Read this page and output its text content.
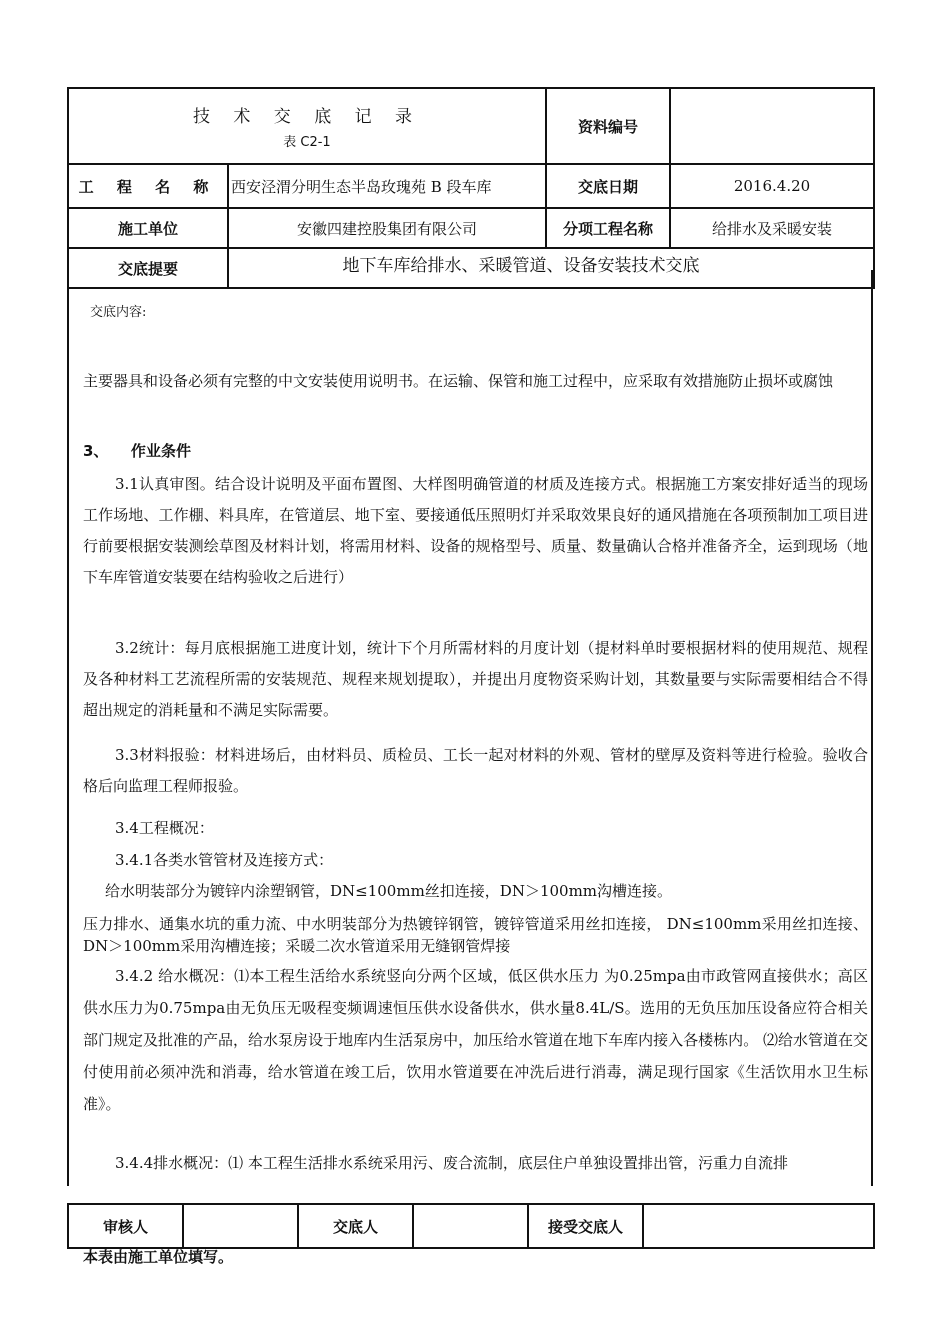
技 术 交 底 记 录
表 C2-1		资料编号	
工 程 名 称	西安泾渭分明生态半岛玫瑰苑 B 段车库	交底日期	2016.4.20
施工单位	安徽四建控股集团有限公司	分项工程名称	给排水及采暖安装
交底提要	地下车库给排水、采暖管道、设备安装技术交底		
交底内容:

主要器具和设备必须有完整的中文安装使用说明书。在运输、保管和施工过程中，应采取有效措施防止损坏或腐蚀

3、　　作业条件

3.1认真审图。结合设计说明及平面布置图、大样图明确管道的材质及连接方式。根据施工方案安排好适当的现场工作场地、工作棚、料具库，在管道层、地下室、要接通低压照明灯并采取效果良好的通风措施在各项预制加工项目进行前要根据安装测绘草图及材料计划，将需用材料、设备的规格型号、质量、数量确认合格并准备齐全，运到现场（地下车库管道安装要在结构验收之后进行）

3.2统计：每月底根据施工进度计划，统计下个月所需材料的月度计划（提材料单时要根据材料的使用规范、规程及各种材料工艺流程所需的安装规范、规程来规划提取），并提出月度物资采购计划，其数量要与实际需要相结合不得超出规定的消耗量和不满足实际需要。

3.3材料报验：材料进场后，由材料员、质检员、工长一起对材料的外观、管材的壁厚及资料等进行检验。验收合格后向监理工程师报验。

3.4工程概况：

3.4.1各类水管管材及连接方式：

给水明装部分为镀锌内涂塑钢管，DN≤100mm丝扣连接，DN＞100mm沟槽连接。

压力排水、通集水坑的重力流、中水明装部分为热镀锌钢管，镀锌管道采用丝扣连接， DN≤100mm采用丝扣连接、DN＞100mm采用沟槽连接；采暖二次水管道采用无缝钢管焊接

3.4.2 给水概况：⑴本工程生活给水系统竖向分两个区域，低区供水压力 为0.25mpa由市政管网直接供水；高区供水压力为0.75mpa由无负压无吸程变频调速恒压供水设备供水，供水量8.4L/S。选用的无负压加压设备应符合相关部门规定及批准的产品，给水泵房设于地库内生活泵房中，加压给水管道在地下车库内接入各楼栋内。 ⑵给水管道在交付使用前必须冲洗和消毒，给水管道在竣工后，饮用水管道要在冲洗后进行消毒，满足现行国家《生活饮用水卫生标准》。

3.4.4排水概况：⑴ 本工程生活排水系统采用污、废合流制，底层住户单独设置排出管，污重力自流排

审核人		交底人		接受交底人	
本表由施工单位填写。
